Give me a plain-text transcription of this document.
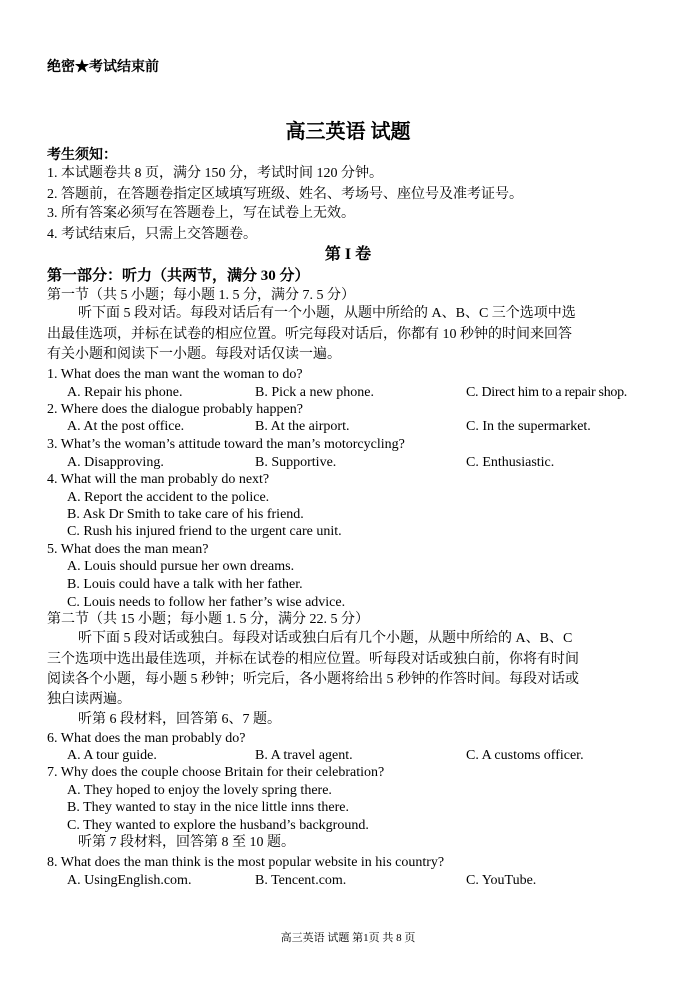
绝密★考试结束前
高三英语 试题
考生须知：
1. 本试题卷共 8 页，满分 150 分，考试时间 120 分钟。
2. 答题前，在答题卷指定区域填写班级、姓名、考场号、座位号及准考证号。
3. 所有答案必须写在答题卷上，写在试卷上无效。
4. 考试结束后，只需上交答题卷。
第 I 卷
第一部分：听力（共两节，满分 30 分）
第一节（共 5 小题；每小题 1. 5 分，满分 7. 5 分）
听下面 5 段对话。每段对话后有一个小题，从题中所给的 A、B、C 三个选项中选
出最佳选项，并标在试卷的相应位置。听完每段对话后，你都有 10 秒钟的时间来回答
有关小题和阅读下一小题。每段对话仅读一遍。
1. What does the man want the woman to do?
A. Repair his phone.	B. Pick a new phone.	C. Direct him to a repair shop.
2. Where does the dialogue probably happen?
A. At the post office.	B. At the airport.	C. In the supermarket.
3. What’s the woman’s attitude toward the man’s motorcycling?
A. Disapproving.	B. Supportive.	C. Enthusiastic.
4. What will the man probably do next?
A. Report the accident to the police.
B. Ask Dr Smith to take care of his friend.
C. Rush his injured friend to the urgent care unit.
5. What does the man mean?
A. Louis should pursue her own dreams.
B. Louis could have a talk with her father.
C. Louis needs to follow her father’s wise advice.
第二节（共 15 小题；每小题 1. 5 分，满分 22. 5 分）
听下面 5 段对话或独白。每段对话或独白后有几个小题，从题中所给的 A、B、C
三个选项中选出最佳选项，并标在试卷的相应位置。听每段对话或独白前，你将有时间
阅读各个小题，每小题 5 秒钟；听完后，各小题将给出 5 秒钟的作答时间。每段对话或
独白读两遍。
听第 6 段材料，回答第 6、7 题。
6. What does the man probably do?
A. A tour guide.	B. A travel agent.	C. A customs officer.
7. Why does the couple choose Britain for their celebration?
A. They hoped to enjoy the lovely spring there.
B. They wanted to stay in the nice little inns there.
C. They wanted to explore the husband’s background.
听第 7 段材料，回答第 8 至 10 题。
8. What does the man think is the most popular website in his country?
A. UsingEnglish.com.	B. Tencent.com.	C. YouTube.
高三英语 试题 第1页 共 8 页
